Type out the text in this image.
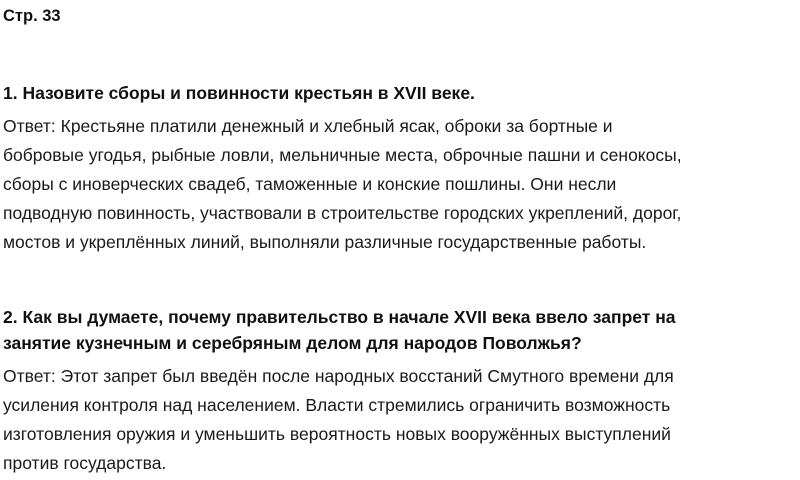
Стр. 33

1. Назовите сборы и повинности крестьян в XVII веке.

Ответ: Крестьяне платили денежный и хлебный ясак, оброки за бортные и
бобровые угодья, рыбные ловли, мельничные места, оброчные пашни и сенокосы,
сборы с иноверческих свадеб, таможенные и конские пошлины. Они несли
подводную повинность, участвовали в строительстве городских укреплений, дорог,
мостов и укреплённых линий, выполняли различные государственные работы.

2. Как вы думаете, почему правительство в начале XVII века ввело запрет на
занятие кузнечным и серебряным делом для народов Поволжья?

Ответ: Этот запрет был введён после народных восстаний Смутного времени для
усиления контроля над населением. Власти стремились ограничить возможность
изготовления оружия и уменьшить вероятность новых вооружённых выступлений
против государства.
